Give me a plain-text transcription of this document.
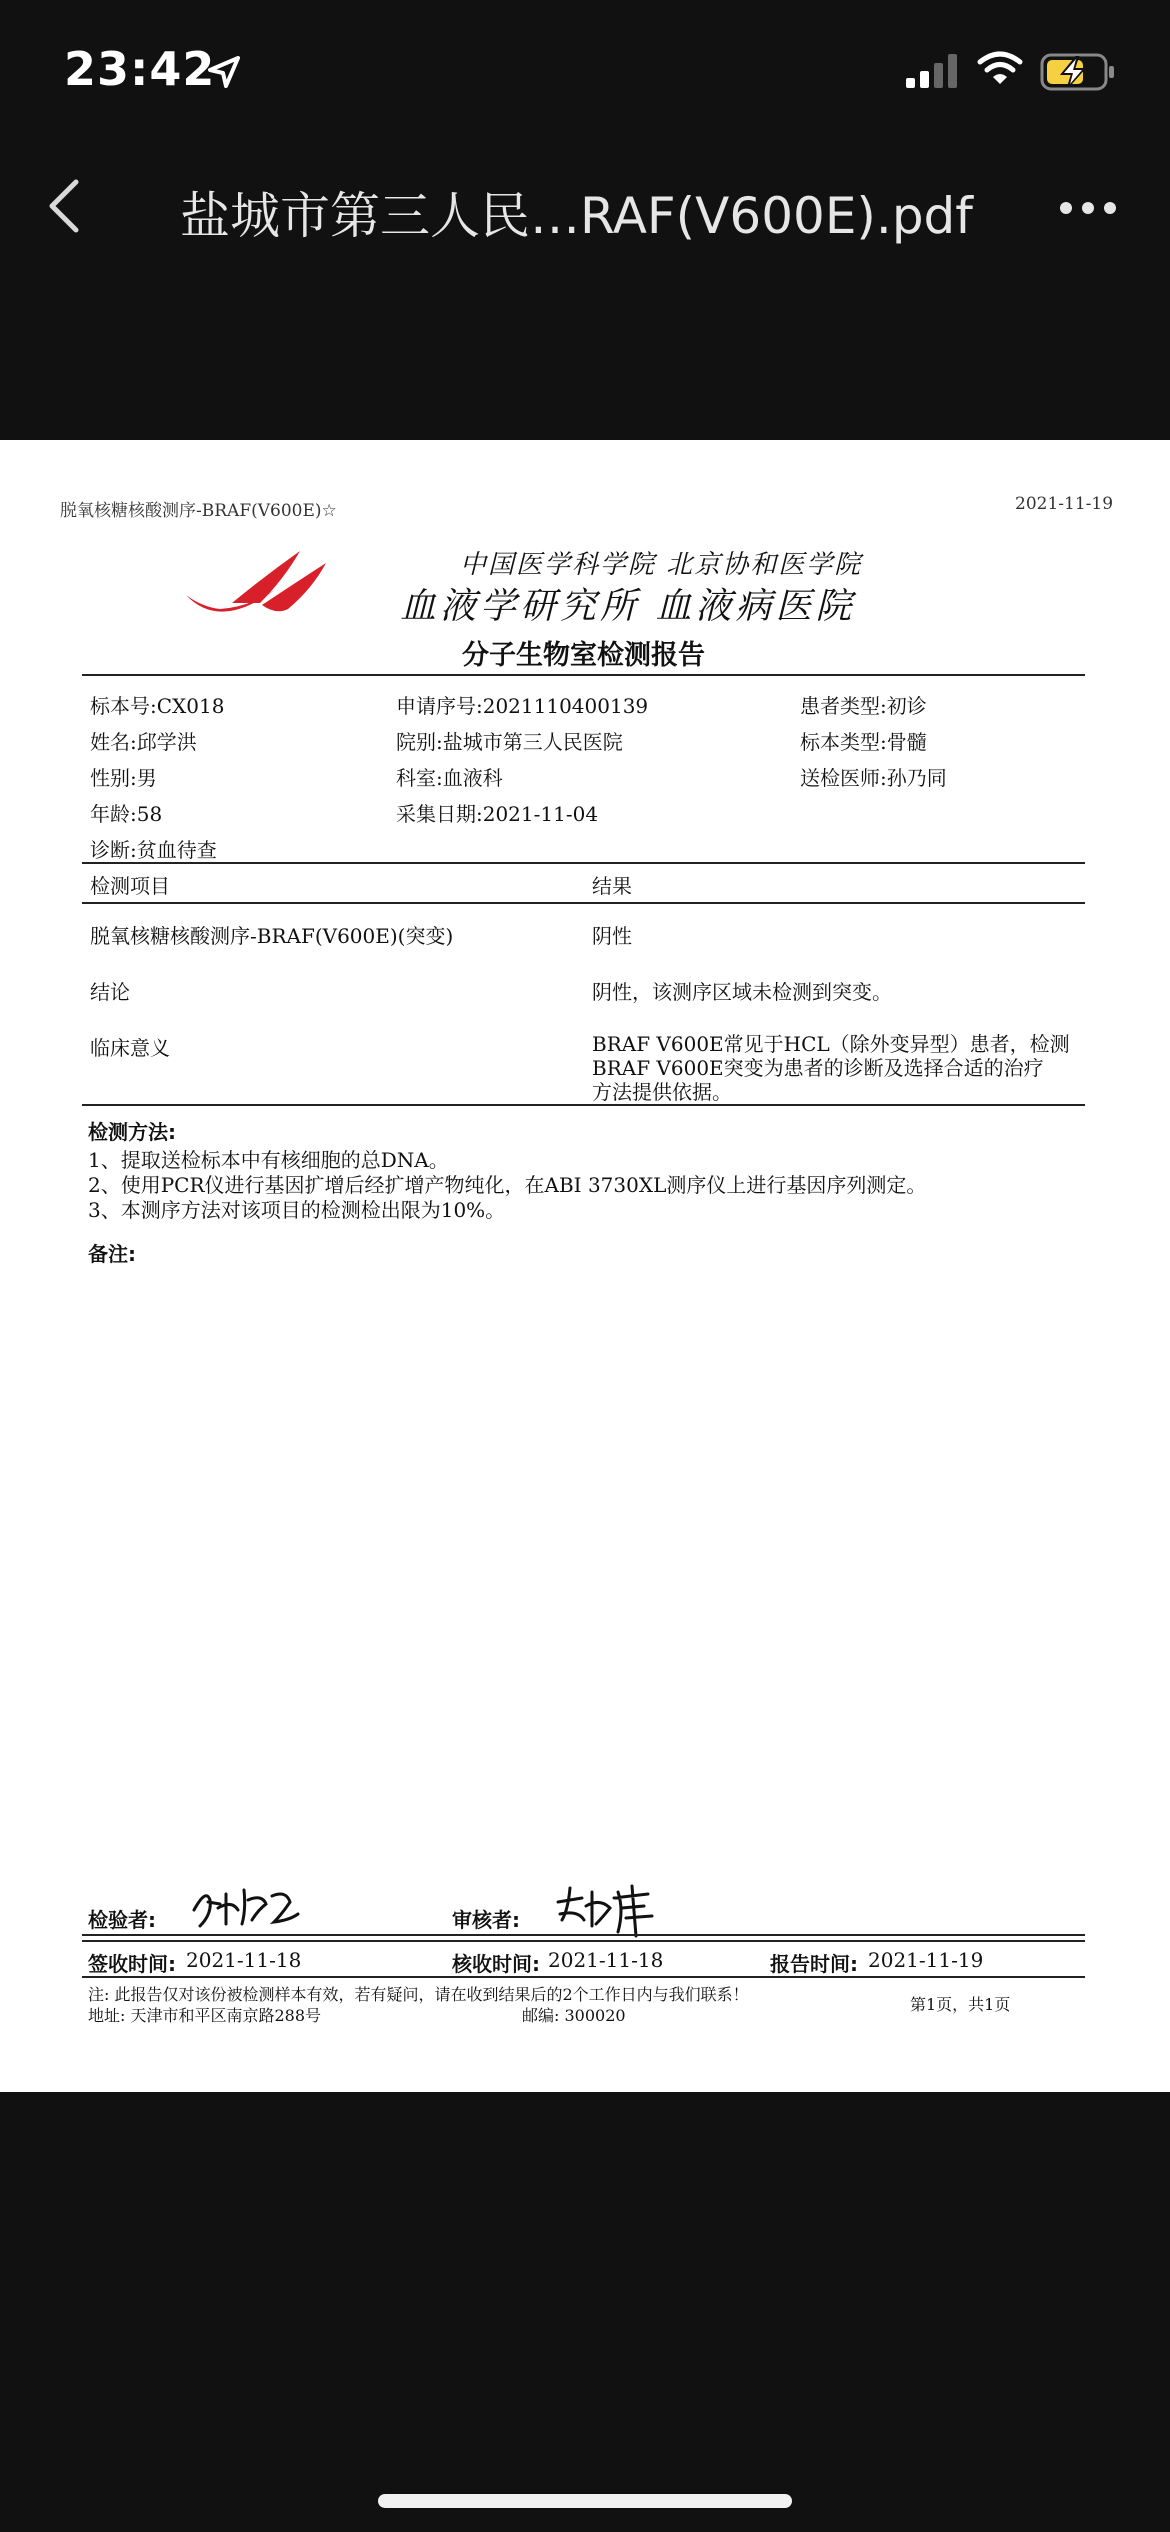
23:42
盐城市第三人民…RAF(V600E).pdf
脱氧核糖核酸测序-BRAF(V600E)☆	2021-11-19
中国医学科学院 北京协和医学院
血液学研究所 血液病医院
分子生物室检测报告
标本号:CX018	申请序号:2021110400139	患者类型:初诊
姓名:邱学洪	院别:盐城市第三人民医院	标本类型:骨髓
性别:男	科室:血液科	送检医师:孙乃同
年龄:58	采集日期:2021-11-04
诊断:贫血待查
检测项目	结果
脱氧核糖核酸测序-BRAF(V600E)(突变)	阴性
结论	阴性，该测序区域未检测到突变。
临床意义	BRAF V600E常见于HCL（除外变异型）患者，检测
BRAF V600E突变为患者的诊断及选择合适的治疗
方法提供依据。
检测方法:
1、提取送检标本中有核细胞的总DNA。
2、使用PCR仪进行基因扩增后经扩增产物纯化，在ABI 3730XL测序仪上进行基因序列测定。
3、本测序方法对该项目的检测检出限为10%。
备注:
检验者:	审核者:
签收时间: 2021-11-18	核收时间: 2021-11-18	报告时间: 2021-11-19
注: 此报告仅对该份被检测样本有效，若有疑问，请在收到结果后的2个工作日内与我们联系！
地址: 天津市和平区南京路288号	邮编: 300020
第1页，共1页
